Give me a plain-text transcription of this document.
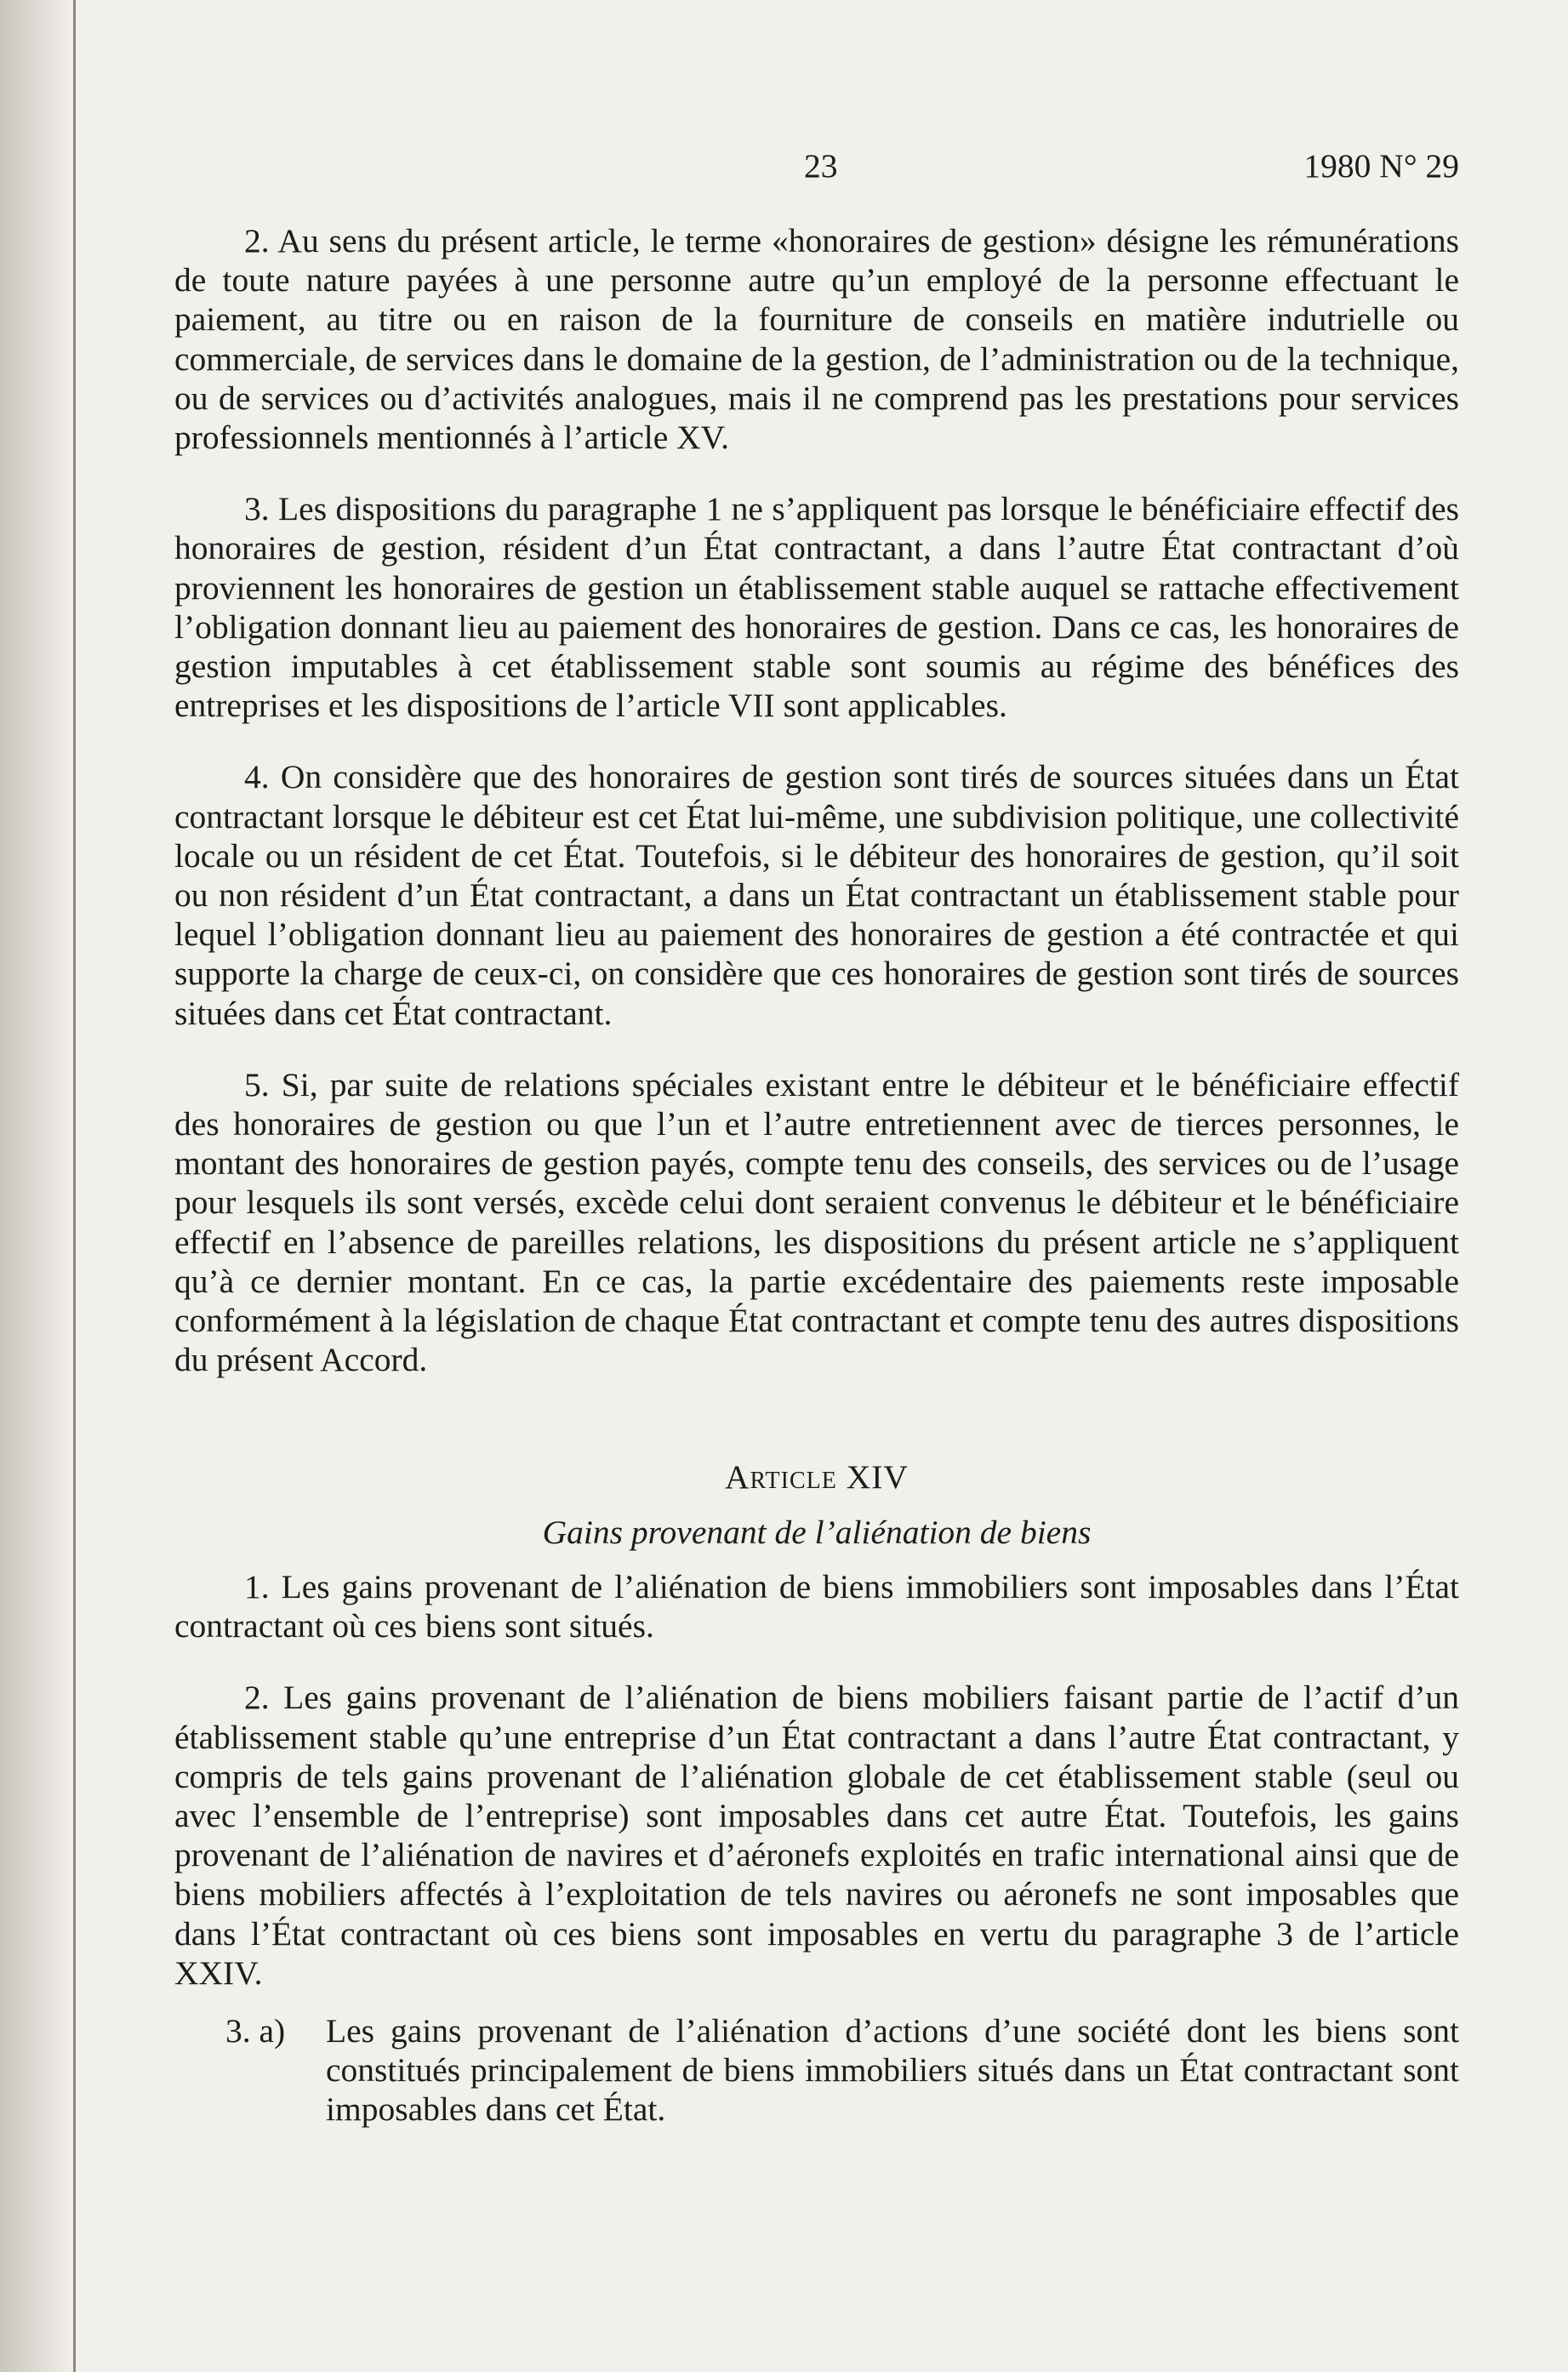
23	1980 N° 29

2. Au sens du présent article, le terme «honoraires de gestion» désigne les rémunérations de toute nature payées à une personne autre qu’un employé de la personne effectuant le paiement, au titre ou en raison de la fourniture de conseils en matière indutrielle ou commerciale, de services dans le domaine de la gestion, de l’administration ou de la technique, ou de services ou d’activités analogues, mais il ne comprend pas les prestations pour services professionnels mentionnés à l’article XV.

3. Les dispositions du paragraphe 1 ne s’appliquent pas lorsque le bénéficiaire effectif des honoraires de gestion, résident d’un État contractant, a dans l’autre État contractant d’où proviennent les honoraires de gestion un établissement stable auquel se rattache effectivement l’obligation donnant lieu au paiement des honoraires de gestion. Dans ce cas, les honoraires de gestion imputables à cet établissement stable sont soumis au régime des bénéfices des entreprises et les dispositions de l’article VII sont applicables.

4. On considère que des honoraires de gestion sont tirés de sources situées dans un État contractant lorsque le débiteur est cet État lui-même, une subdivision politique, une collectivité locale ou un résident de cet État. Toutefois, si le débiteur des honoraires de gestion, qu’il soit ou non résident d’un État contractant, a dans un État contractant un établissement stable pour lequel l’obligation donnant lieu au paiement des honoraires de gestion a été contractée et qui supporte la charge de ceux-ci, on considère que ces honoraires de gestion sont tirés de sources situées dans cet État contractant.

5. Si, par suite de relations spéciales existant entre le débiteur et le bénéficiaire effectif des honoraires de gestion ou que l’un et l’autre entretiennent avec de tierces personnes, le montant des honoraires de gestion payés, compte tenu des conseils, des services ou de l’usage pour lesquels ils sont versés, excède celui dont seraient convenus le débiteur et le bénéficiaire effectif en l’absence de pareilles relations, les dispositions du présent article ne s’appliquent qu’à ce dernier montant. En ce cas, la partie excédentaire des paiements reste imposable conformément à la législation de chaque État contractant et compte tenu des autres dispositions du présent Accord.

Article XIV
Gains provenant de l’aliénation de biens

1. Les gains provenant de l’aliénation de biens immobiliers sont imposables dans l’État contractant où ces biens sont situés.

2. Les gains provenant de l’aliénation de biens mobiliers faisant partie de l’actif d’un établissement stable qu’une entreprise d’un État contractant a dans l’autre État contractant, y compris de tels gains provenant de l’aliénation globale de cet établissement stable (seul ou avec l’ensemble de l’entreprise) sont imposables dans cet autre État. Toutefois, les gains provenant de l’aliénation de navires et d’aéronefs exploités en trafic international ainsi que de biens mobiliers affectés à l’exploitation de tels navires ou aéronefs ne sont imposables que dans l’État contractant où ces biens sont imposables en vertu du paragraphe 3 de l’article XXIV.

3. a)	Les gains provenant de l’aliénation d’actions d’une société dont les biens sont constitués principalement de biens immobiliers situés dans un État contractant sont imposables dans cet État.
